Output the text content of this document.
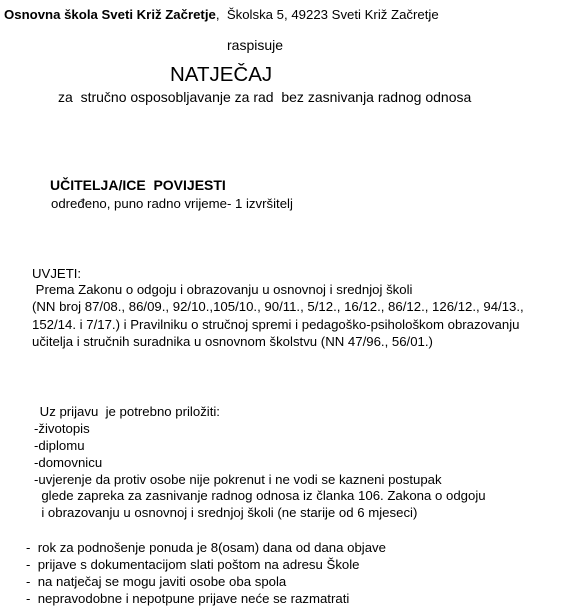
Osnovna škola Sveti Križ Začretje,  Školska 5, 49223 Sveti Križ Začretje
raspisuje
NATJEČAJ
za  stručno osposobljavanje za rad  bez zasnivanja radnog odnosa
UČITELJA/ICE  POVIJESTI
određeno, puno radno vrijeme- 1 izvršitelj
UVJETI:
Prema Zakonu o odgoju i obrazovanju u osnovnoj i srednjoj školi
(NN broj 87/08., 86/09., 92/10.,105/10., 90/11., 5/12., 16/12., 86/12., 126/12., 94/13.,
152/14. i 7/17.) i Pravilniku o stručnoj spremi i pedagoško-psihološkom obrazovanju
učitelja i stručnih suradnika u osnovnom školstvu (NN 47/96., 56/01.)
Uz prijavu  je potrebno priložiti:
-životopis
-diplomu
-domovnicu
-uvjerenje da protiv osobe nije pokrenut i ne vodi se kazneni postupak
glede zapreka za zasnivanje radnog odnosa iz članka 106. Zakona o odgoju
i obrazovanju u osnovnoj i srednjoj školi (ne starije od 6 mjeseci)
-  rok za podnošenje ponuda je 8(osam) dana od dana objave
-  prijave s dokumentacijom slati poštom na adresu Škole
-  na natječaj se mogu javiti osobe oba spola
-  nepravodobne i nepotpune prijave neće se razmatrati
